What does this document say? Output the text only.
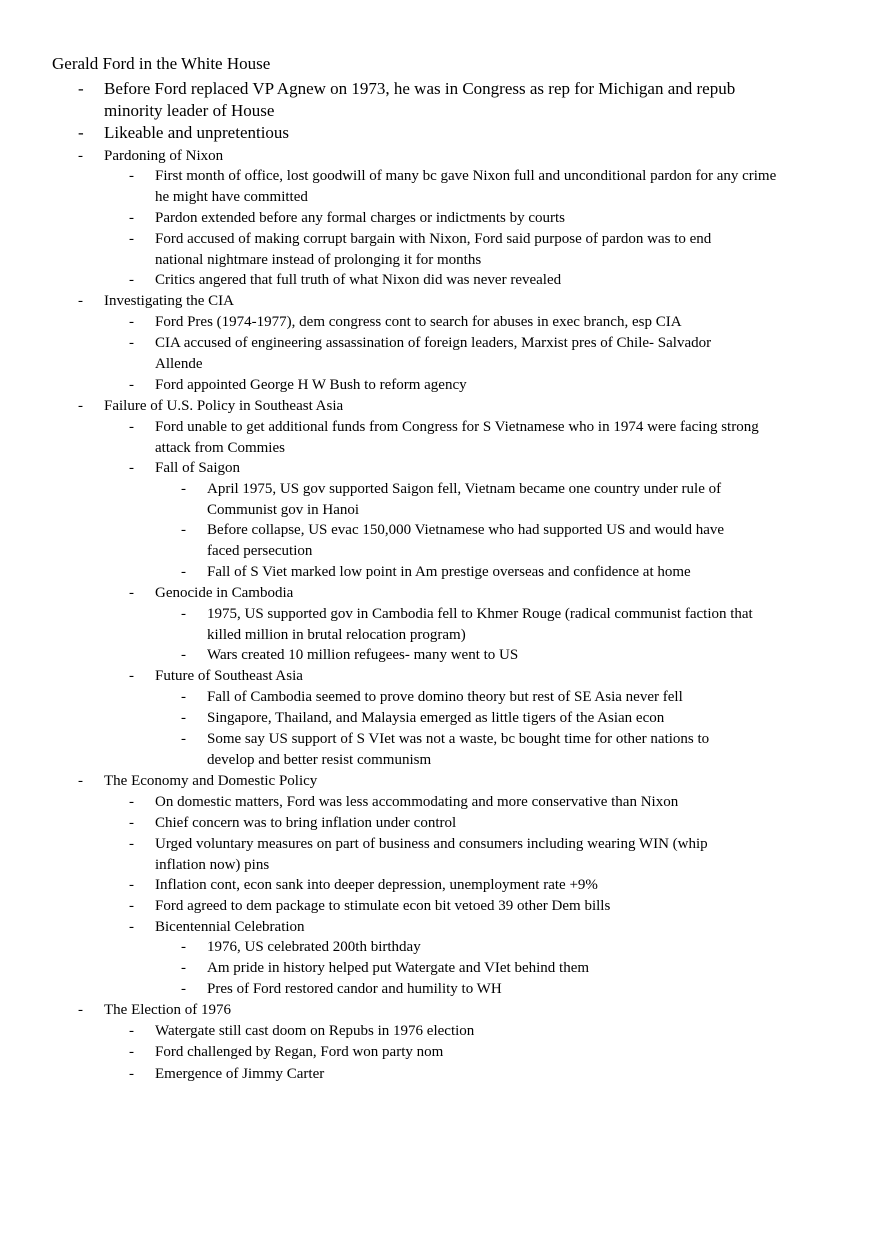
Gerald Ford in the White House
- Before Ford replaced VP Agnew on 1973, he was in Congress as rep for Michigan and repub minority leader of House
- Likeable and unpretentious
- Pardoning of Nixon
- First month of office, lost goodwill of many bc gave Nixon full and unconditional pardon for any crime he might have committed
- Pardon extended before any formal charges or indictments by courts
- Ford accused of making corrupt bargain with Nixon, Ford said purpose of pardon was to end national nightmare instead of prolonging it for months
- Critics angered that full truth of what Nixon did was never revealed
- Investigating the CIA
- Ford Pres (1974-1977), dem congress cont to search for abuses in exec branch, esp CIA
- CIA accused of engineering assassination of foreign leaders, Marxist pres of Chile- Salvador Allende
- Ford appointed George H W Bush to reform agency
- Failure of U.S. Policy in Southeast Asia
- Ford unable to get additional funds from Congress for S Vietnamese who in 1974 were facing strong attack from Commies
- Fall of Saigon
- April 1975, US gov supported Saigon fell, Vietnam became one country under rule of Communist gov in Hanoi
- Before collapse, US evac 150,000 Vietnamese who had supported US and would have faced persecution
- Fall of S Viet marked low point in Am prestige overseas and confidence at home
- Genocide in Cambodia
- 1975, US supported gov in Cambodia fell to Khmer Rouge (radical communist faction that killed million in brutal relocation program)
- Wars created 10 million refugees- many went to US
- Future of Southeast Asia
- Fall of Cambodia seemed to prove domino theory but rest of SE Asia never fell
- Singapore, Thailand, and Malaysia emerged as little tigers of the Asian econ
- Some say US support of S VIet was not a waste, bc bought time for other nations to develop and better resist communism
- The Economy and Domestic Policy
- On domestic matters, Ford was less accommodating and more conservative than Nixon
- Chief concern was to bring inflation under control
- Urged voluntary measures on part of business and consumers including wearing WIN (whip inflation now) pins
- Inflation cont, econ sank into deeper depression, unemployment rate +9%
- Ford agreed to dem package to stimulate econ bit vetoed 39 other Dem bills
- Bicentennial Celebration
- 1976, US celebrated 200th birthday
- Am pride in history helped put Watergate and VIet behind them
- Pres of Ford restored candor and humility to WH
- The Election of 1976
- Watergate still cast doom on Repubs in 1976 election
- Ford challenged by Regan, Ford won party nom
- Emergence of Jimmy Carter
